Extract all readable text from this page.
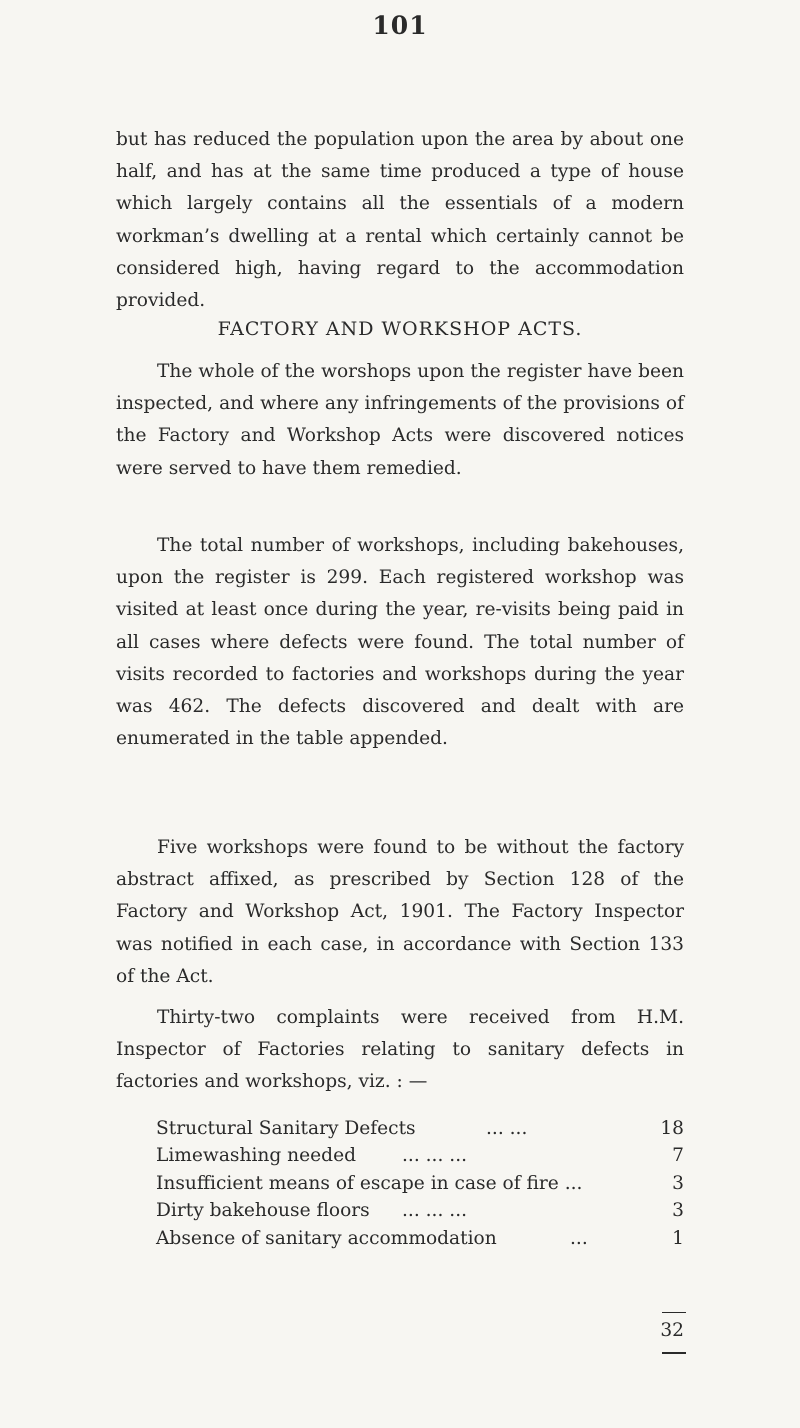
101

but has reduced the population upon the area by about one half, and has at the same time produced a type of house which largely contains all the essentials of a modern workman’s dwelling at a rental which certainly cannot be considered high, having regard to the accommodation provided.

FACTORY AND WORKSHOP ACTS.

The whole of the worshops upon the register have been inspected, and where any infringements of the provisions of the Factory and Workshop Acts were discovered notices were served to have them remedied.

The total number of workshops, including bakehouses, upon the register is 299. Each registered workshop was visited at least once during the year, re-visits being paid in all cases where defects were found. The total number of visits recorded to factories and workshops during the year was 462. The defects discovered and dealt with are enumerated in the table appended.

Five workshops were found to be without the factory abstract affixed, as prescribed by Section 128 of the Factory and Workshop Act, 1901. The Factory Inspector was notified in each case, in accordance with Section 133 of the Act.

Thirty-two complaints were received from H.M. Inspector of Factories relating to sanitary defects in factories and workshops, viz. : —

Structural Sanitary Defects	... ...	18
Limewashing needed ... ... ...	7
Insufficient means of escape in case of fire ...	3
Dirty bakehouse floors ... ... ...	3
Absence of sanitary accommodation	...	1
32
